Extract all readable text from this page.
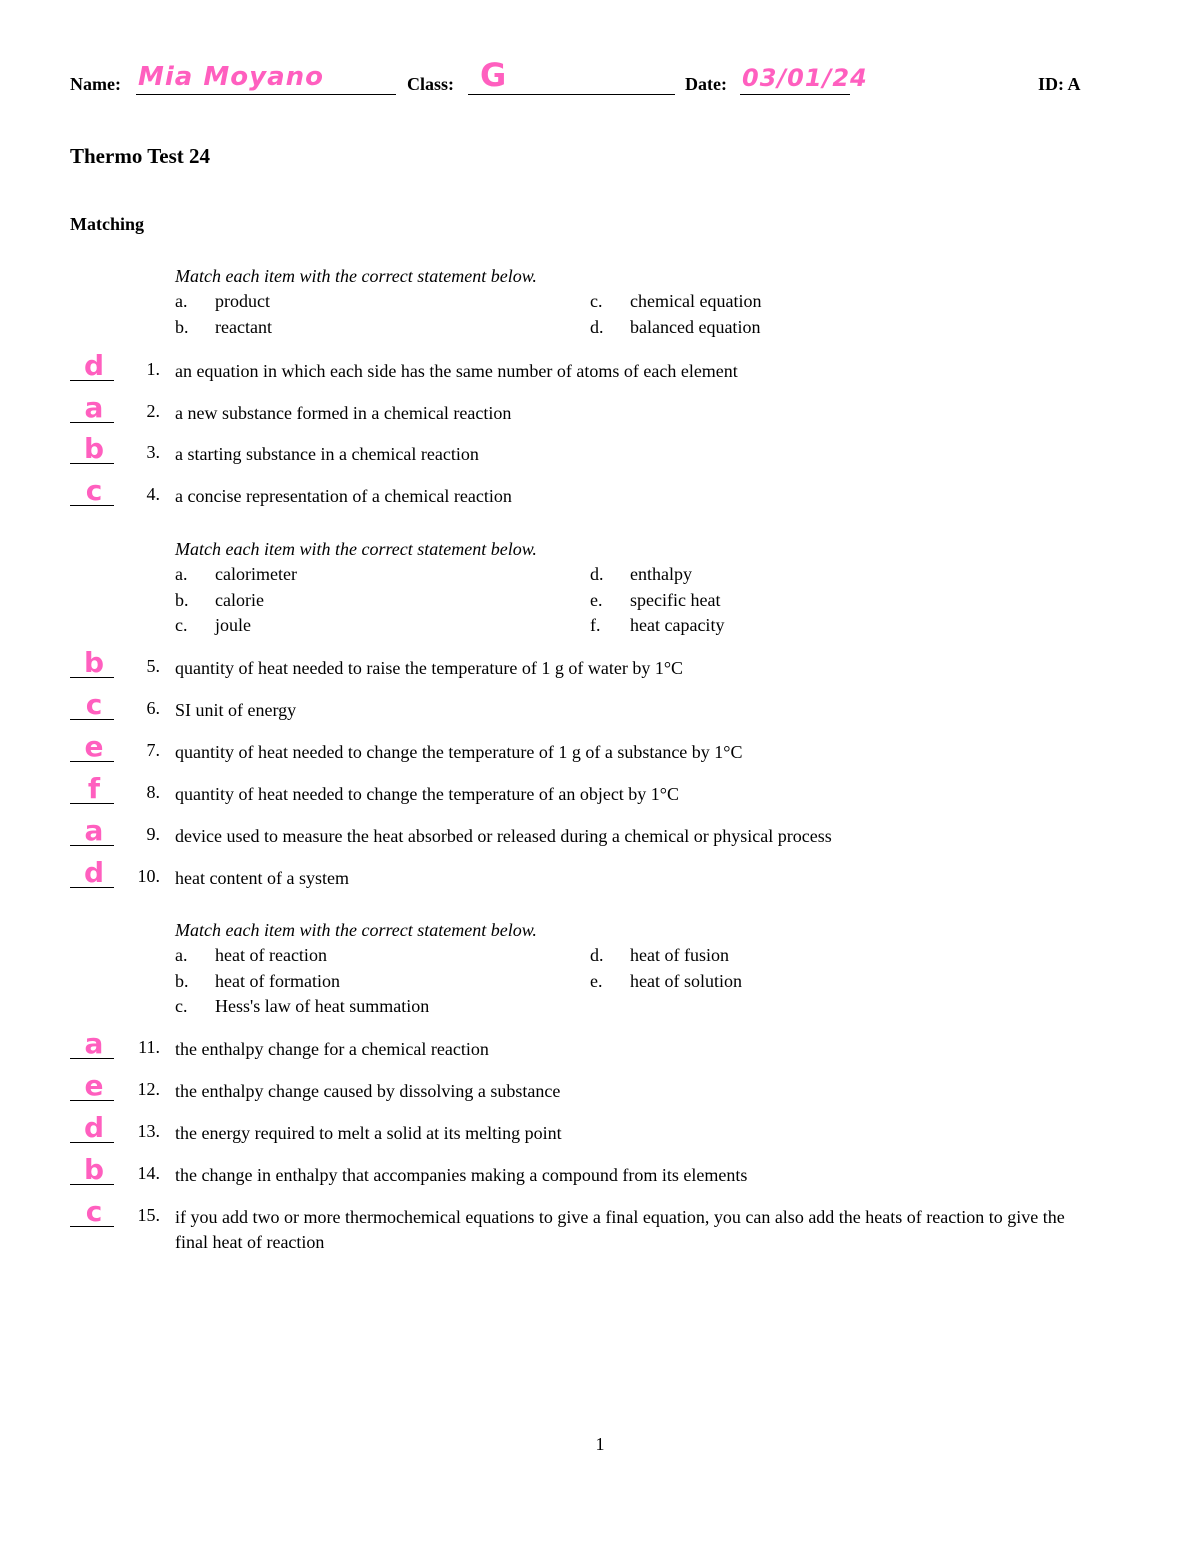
Name: Mia Moyano	Class: G	Date: 03/01/24	ID: A
Thermo Test 24
Matching
Match each item with the correct statement below.
a. product
b. reactant
c. chemical equation
d. balanced equation
d	1. an equation in which each side has the same number of atoms of each element
a	2. a new substance formed in a chemical reaction
b	3. a starting substance in a chemical reaction
c	4. a concise representation of a chemical reaction
Match each item with the correct statement below.
a. calorimeter
b. calorie
c. joule
d. enthalpy
e. specific heat
f. heat capacity
b	5. quantity of heat needed to raise the temperature of 1 g of water by 1°C
c	6. SI unit of energy
e	7. quantity of heat needed to change the temperature of 1 g of a substance by 1°C
f	8. quantity of heat needed to change the temperature of an object by 1°C
a	9. device used to measure the heat absorbed or released during a chemical or physical process
d	10. heat content of a system
Match each item with the correct statement below.
a. heat of reaction
b. heat of formation
c. Hess's law of heat summation
d. heat of fusion
e. heat of solution
a	11. the enthalpy change for a chemical reaction
e	12. the enthalpy change caused by dissolving a substance
d	13. the energy required to melt a solid at its melting point
b	14. the change in enthalpy that accompanies making a compound from its elements
c	15. if you add two or more thermochemical equations to give a final equation, you can also add the heats of reaction to give the final heat of reaction
1
